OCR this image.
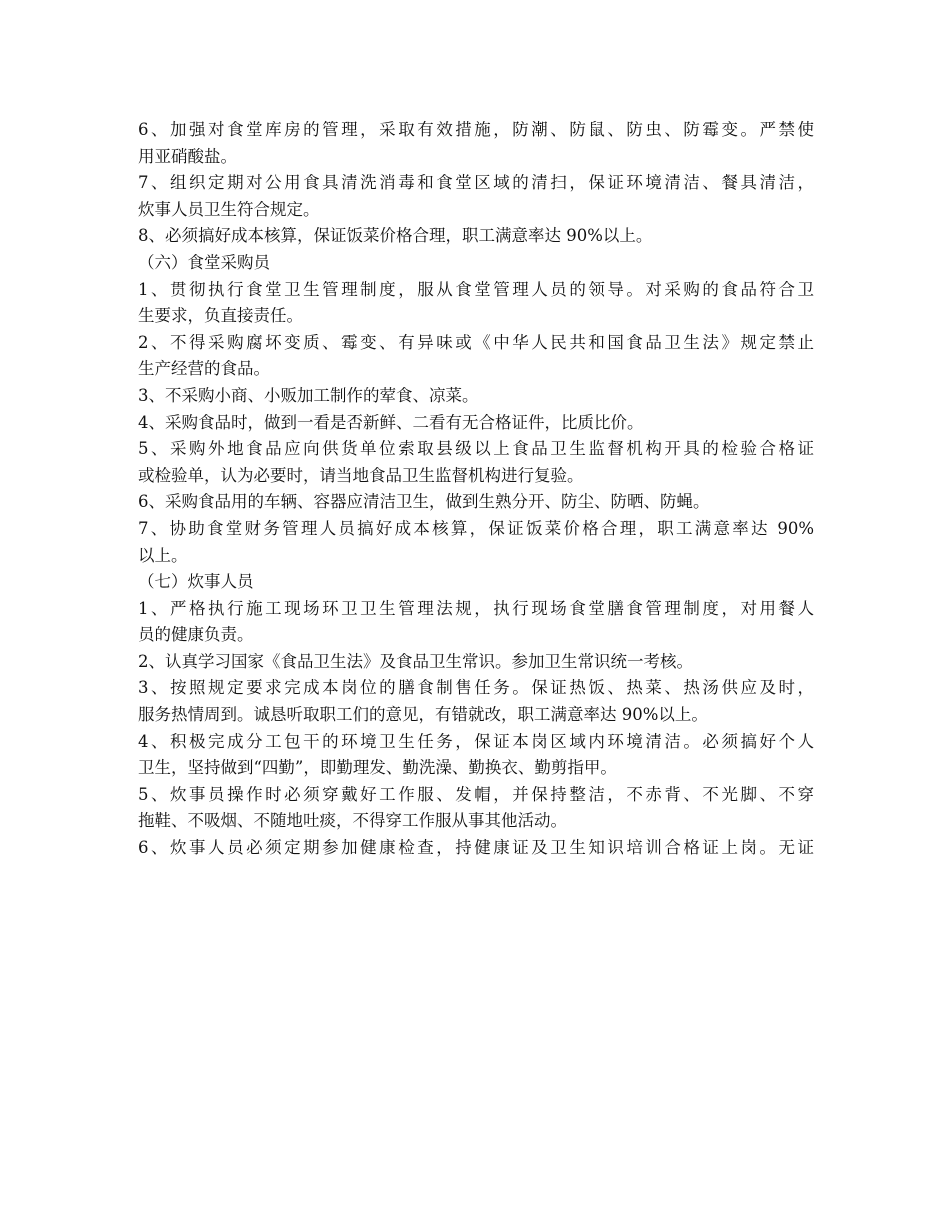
6、加强对食堂库房的管理，采取有效措施，防潮、防鼠、防虫、防霉变。严禁使
用亚硝酸盐。
7、组织定期对公用食具清洗消毒和食堂区域的清扫，保证环境清洁、餐具清洁，
炊事人员卫生符合规定。
8、必须搞好成本核算，保证饭菜价格合理，职工满意率达 90%以上。
（六）食堂采购员
1、贯彻执行食堂卫生管理制度，服从食堂管理人员的领导。对采购的食品符合卫
生要求，负直接责任。
2、不得采购腐坏变质、霉变、有异味或《中华人民共和国食品卫生法》规定禁止
生产经营的食品。
3、不采购小商、小贩加工制作的荤食、凉菜。
4、采购食品时，做到一看是否新鲜、二看有无合格证件，比质比价。
5、采购外地食品应向供货单位索取县级以上食品卫生监督机构开具的检验合格证
或检验单，认为必要时，请当地食品卫生监督机构进行复验。
6、采购食品用的车辆、容器应清洁卫生，做到生熟分开、防尘、防晒、防蝇。
7、协助食堂财务管理人员搞好成本核算，保证饭菜价格合理，职工满意率达 90%
以上。
（七）炊事人员
1、严格执行施工现场环卫卫生管理法规，执行现场食堂膳食管理制度，对用餐人
员的健康负责。
2、认真学习国家《食品卫生法》及食品卫生常识。参加卫生常识统一考核。
3、按照规定要求完成本岗位的膳食制售任务。保证热饭、热菜、热汤供应及时，
服务热情周到。诚恳听取职工们的意见，有错就改，职工满意率达 90%以上。
4、积极完成分工包干的环境卫生任务，保证本岗区域内环境清洁。必须搞好个人
卫生，坚持做到“四勤”，即勤理发、勤洗澡、勤换衣、勤剪指甲。
5、炊事员操作时必须穿戴好工作服、发帽，并保持整洁，不赤背、不光脚、不穿
拖鞋、不吸烟、不随地吐痰，不得穿工作服从事其他活动。
6、炊事人员必须定期参加健康检查，持健康证及卫生知识培训合格证上岗。无证
